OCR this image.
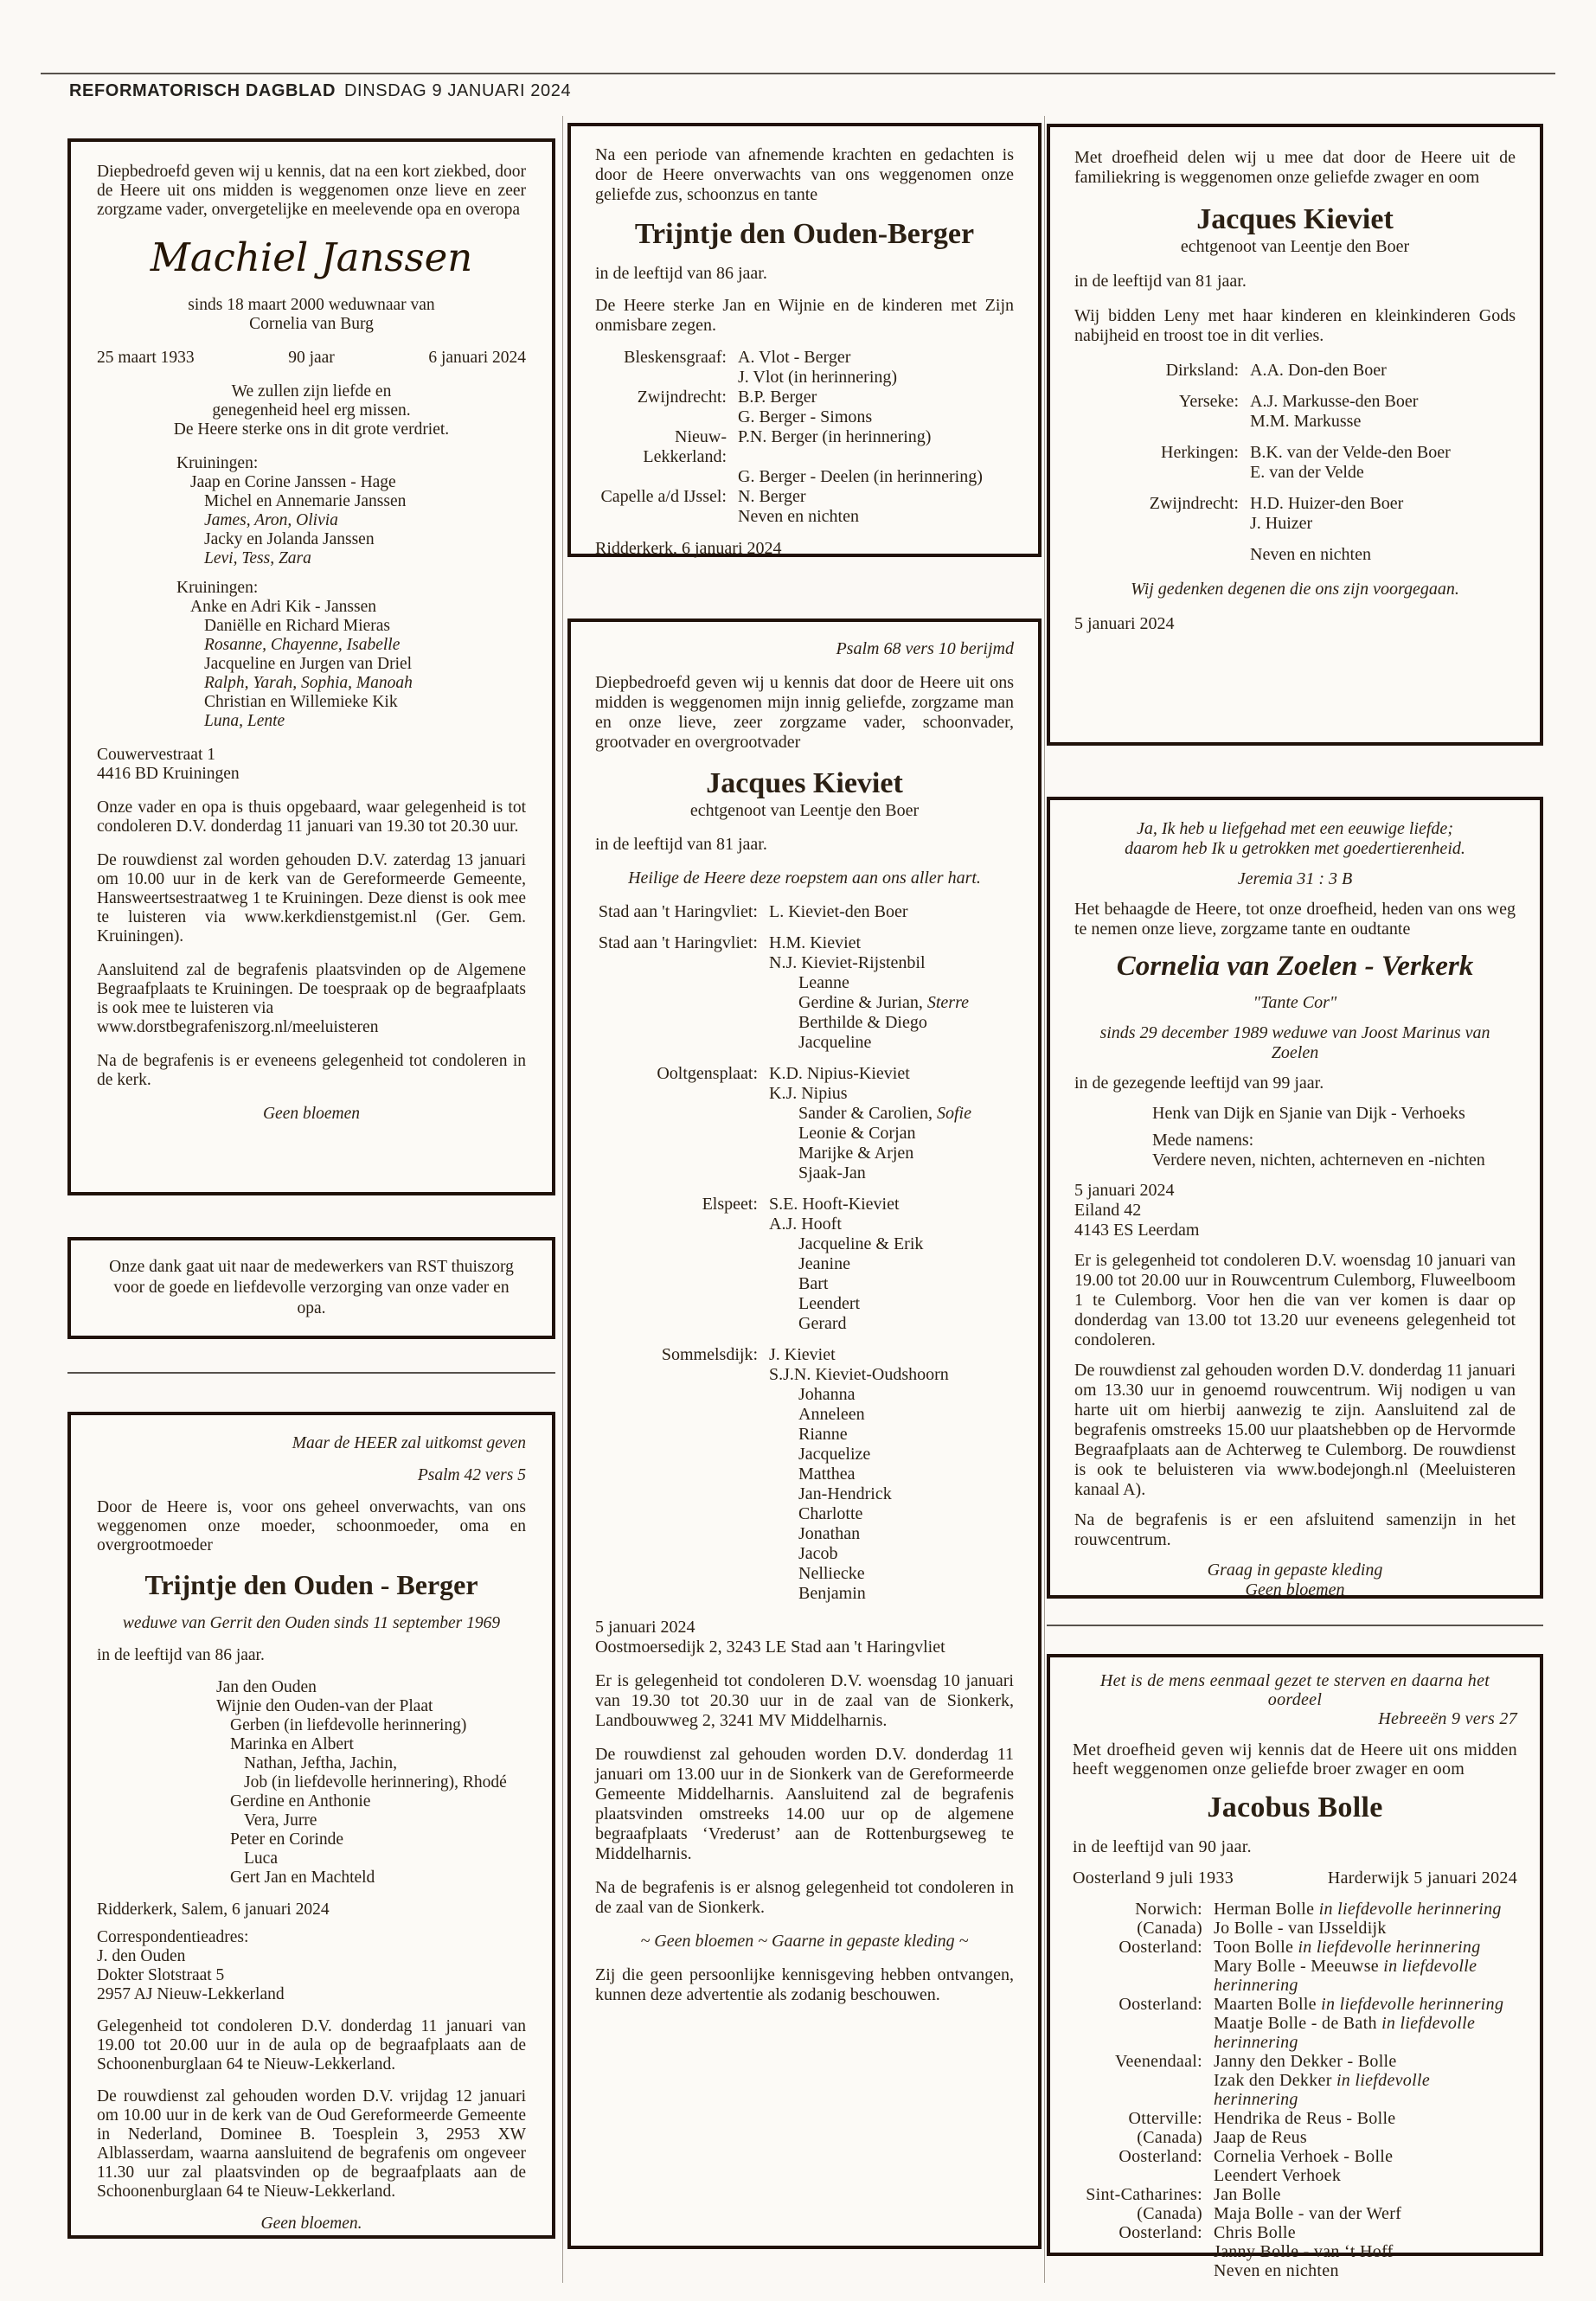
REFORMATORISCH DAGBLAD DINSDAG 9 JANUARI 2024
Diepbedroefd geven wij u kennis, dat na een kort ziekbed, door de Heere uit ons midden is weggenomen onze lieve en zeer zorgzame vader, onvergetelijke en meelevende opa en overopa
Machiel Janssen
sinds 18 maart 2000 weduwnaar van
Cornelia van Burg
25 maart 1933	90 jaar	6 januari 2024
We zullen zijn liefde en
genegenheid heel erg missen.
De Heere sterke ons in dit grote verdriet.
Kruiningen:
Jaap en Corine Janssen - Hage
Michel en Annemarie Janssen
James, Aron, Olivia
Jacky en Jolanda Janssen
Levi, Tess, Zara
Kruiningen:
Anke en Adri Kik - Janssen
Daniëlle en Richard Mieras
Rosanne, Chayenne, Isabelle
Jacqueline en Jurgen van Driel
Ralph, Yarah, Sophia, Manoah
Christian en Willemieke Kik
Luna, Lente
Couwervestraat 1
4416 BD Kruiningen
Onze vader en opa is thuis opgebaard, waar gelegenheid is tot condoleren D.V. donderdag 11 januari van 19.30 tot 20.30 uur.
De rouwdienst zal worden gehouden D.V. zaterdag 13 januari om 10.00 uur in de kerk van de Gereformeerde Gemeente, Hansweertsestraatweg 1 te Kruiningen. Deze dienst is ook mee te luisteren via www.kerkdienstgemist.nl (Ger. Gem. Kruiningen).
Aansluitend zal de begrafenis plaatsvinden op de Algemene Begraafplaats te Kruiningen. De toespraak op de begraafplaats is ook mee te luisteren via
www.dorstbegrafeniszorg.nl/meeluisteren
Na de begrafenis is er eveneens gelegenheid tot condoleren in de kerk.
Geen bloemen
Onze dank gaat uit naar de medewerkers van RST thuiszorg voor de goede en liefdevolle verzorging van onze vader en opa.
Maar de HEER zal uitkomst geven
Psalm 42 vers 5
Door de Heere is, voor ons geheel onverwachts, van ons weggenomen onze moeder, schoonmoeder, oma en overgrootmoeder
Trijntje den Ouden - Berger
weduwe van Gerrit den Ouden sinds 11 september 1969
in de leeftijd van 86 jaar.
Jan den Ouden
Wijnie den Ouden-van der Plaat
Gerben (in liefdevolle herinnering)
Marinka en Albert
Nathan, Jeftha, Jachin,
Job (in liefdevolle herinnering), Rhodé
Gerdine en Anthonie
Vera, Jurre
Peter en Corinde
Luca
Gert Jan en Machteld
Ridderkerk, Salem, 6 januari 2024
Correspondentieadres:
J. den Ouden
Dokter Slotstraat 5
2957 AJ Nieuw-Lekkerland
Gelegenheid tot condoleren D.V. donderdag 11 januari van 19.00 tot 20.00 uur in de aula op de begraafplaats aan de Schoonenburglaan 64 te Nieuw-Lekkerland.
De rouwdienst zal gehouden worden D.V. vrijdag 12 januari om 10.00 uur in de kerk van de Oud Gereformeerde Gemeente in Nederland, Dominee B. Toesplein 3, 2953 XW Alblasserdam, waarna aansluitend de begrafenis om ongeveer 11.30 uur zal plaatsvinden op de begraafplaats aan de Schoonenburglaan 64 te Nieuw-Lekkerland.
Geen bloemen.
Na een periode van afnemende krachten en gedachten is door de Heere onverwachts van ons weggenomen onze geliefde zus, schoonzus en tante
Trijntje den Ouden-Berger
in de leeftijd van 86 jaar.
De Heere sterke Jan en Wijnie en de kinderen met Zijn onmisbare zegen.
Bleskensgraaf: A. Vlot - Berger
J. Vlot (in herinnering)
Zwijndrecht: B.P. Berger
G. Berger - Simons
Nieuw-Lekkerland:
P.N. Berger (in herinnering)
G. Berger - Deelen (in herinnering)
Capelle a/d IJssel: N. Berger
Neven en nichten
Ridderkerk, 6 januari 2024
Psalm 68 vers 10 berijmd
Diepbedroefd geven wij u kennis dat door de Heere uit ons midden is weggenomen mijn innig geliefde, zorgzame man en onze lieve, zeer zorgzame vader, schoonvader, grootvader en overgrootvader
Jacques Kieviet
echtgenoot van Leentje den Boer
in de leeftijd van 81 jaar.
Heilige de Heere deze roepstem aan ons aller hart.
Stad aan 't Haringvliet: L. Kieviet-den Boer
Stad aan 't Haringvliet: H.M. Kieviet
N.J. Kieviet-Rijstenbil
Leanne
Gerdine & Jurian, Sterre
Berthilde & Diego
Jacqueline
Ooltgensplaat: K.D. Nipius-Kieviet
K.J. Nipius
Sander & Carolien, Sofie
Leonie & Corjan
Marijke & Arjen
Sjaak-Jan
Elspeet: S.E. Hooft-Kieviet
A.J. Hooft
Jacqueline & Erik
Jeanine
Bart
Leendert
Gerard
Sommelsdijk: J. Kieviet
S.J.N. Kieviet-Oudshoorn
Johanna
Anneleen
Rianne
Jacquelize
Matthea
Jan-Hendrick
Charlotte
Jonathan
Jacob
Nelliecke
Benjamin
5 januari 2024
Oostmoersedijk 2, 3243 LE Stad aan 't Haringvliet
Er is gelegenheid tot condoleren D.V. woensdag 10 januari van 19.30 tot 20.30 uur in de zaal van de Sionkerk, Landbouwweg 2, 3241 MV Middelharnis.
De rouwdienst zal gehouden worden D.V. donderdag 11 januari om 13.00 uur in de Sionkerk van de Gereformeerde Gemeente Middelharnis. Aansluitend zal de begrafenis plaatsvinden omstreeks 14.00 uur op de algemene begraafplaats ‘Vrederust’ aan de Rottenburgseweg te Middelharnis.
Na de begrafenis is er alsnog gelegenheid tot condoleren in de zaal van de Sionkerk.
~ Geen bloemen ~ Gaarne in gepaste kleding ~
Zij die geen persoonlijke kennisgeving hebben ontvangen, kunnen deze advertentie als zodanig beschouwen.
Met droefheid delen wij u mee dat door de Heere uit de familiekring is weggenomen onze geliefde zwager en oom
Jacques Kieviet
echtgenoot van Leentje den Boer
in de leeftijd van 81 jaar.
Wij bidden Leny met haar kinderen en kleinkinderen Gods nabijheid en troost toe in dit verlies.
Dirksland: A.A. Don-den Boer
Yerseke: A.J. Markusse-den Boer
M.M. Markusse
Herkingen: B.K. van der Velde-den Boer
E. van der Velde
Zwijndrecht: H.D. Huizer-den Boer
J. Huizer
Neven en nichten
Wij gedenken degenen die ons zijn voorgegaan.
5 januari 2024
Ja, Ik heb u liefgehad met een eeuwige liefde;
daarom heb Ik u getrokken met goedertierenheid.
Jeremia 31 : 3 B
Het behaagde de Heere, tot onze droefheid, heden van ons weg te nemen onze lieve, zorgzame tante en oudtante
Cornelia van Zoelen - Verkerk
"Tante Cor"
sinds 29 december 1989 weduwe van Joost Marinus van Zoelen
in de gezegende leeftijd van 99 jaar.
Henk van Dijk en Sjanie van Dijk - Verhoeks
Mede namens:
Verdere neven, nichten, achterneven en -nichten
5 januari 2024
Eiland 42
4143 ES Leerdam
Er is gelegenheid tot condoleren D.V. woensdag 10 januari van 19.00 tot 20.00 uur in Rouwcentrum Culemborg, Fluweelboom 1 te Culemborg. Voor hen die van ver komen is daar op donderdag van 13.00 tot 13.20 uur eveneens gelegenheid tot condoleren.
De rouwdienst zal gehouden worden D.V. donderdag 11 januari om 13.30 uur in genoemd rouwcentrum. Wij nodigen u van harte uit om hierbij aanwezig te zijn. Aansluitend zal de begrafenis omstreeks 15.00 uur plaatshebben op de Hervormde Begraafplaats aan de Achterweg te Culemborg. De rouwdienst is ook te beluisteren via www.bodejongh.nl (Meeluisteren kanaal A).
Na de begrafenis is er een afsluitend samenzijn in het rouwcentrum.
Graag in gepaste kleding
Geen bloemen
Het is de mens eenmaal gezet te sterven en daarna het oordeel
Hebreeën 9 vers 27
Met droefheid geven wij kennis dat de Heere uit ons midden heeft weggenomen onze geliefde broer zwager en oom
Jacobus Bolle
in de leeftijd van 90 jaar.
Oosterland 9 juli 1933	Harderwijk 5 januari 2024
Norwich: Herman Bolle in liefdevolle herinnering
(Canada) Jo Bolle - van IJsseldijk
Oosterland: Toon Bolle in liefdevolle herinnering
Mary Bolle - Meeuwse in liefdevolle herinnering
Oosterland: Maarten Bolle in liefdevolle herinnering
Maatje Bolle - de Bath in liefdevolle herinnering
Veenendaal: Janny den Dekker - Bolle
Izak den Dekker in liefdevolle herinnering
Otterville: Hendrika de Reus - Bolle
(Canada) Jaap de Reus
Oosterland: Cornelia Verhoek - Bolle
Leendert Verhoek
Sint-Catharines: Jan Bolle
(Canada) Maja Bolle - van der Werf
Oosterland: Chris Bolle
Janny Bolle - van ‘t Hoff
Neven en nichten
